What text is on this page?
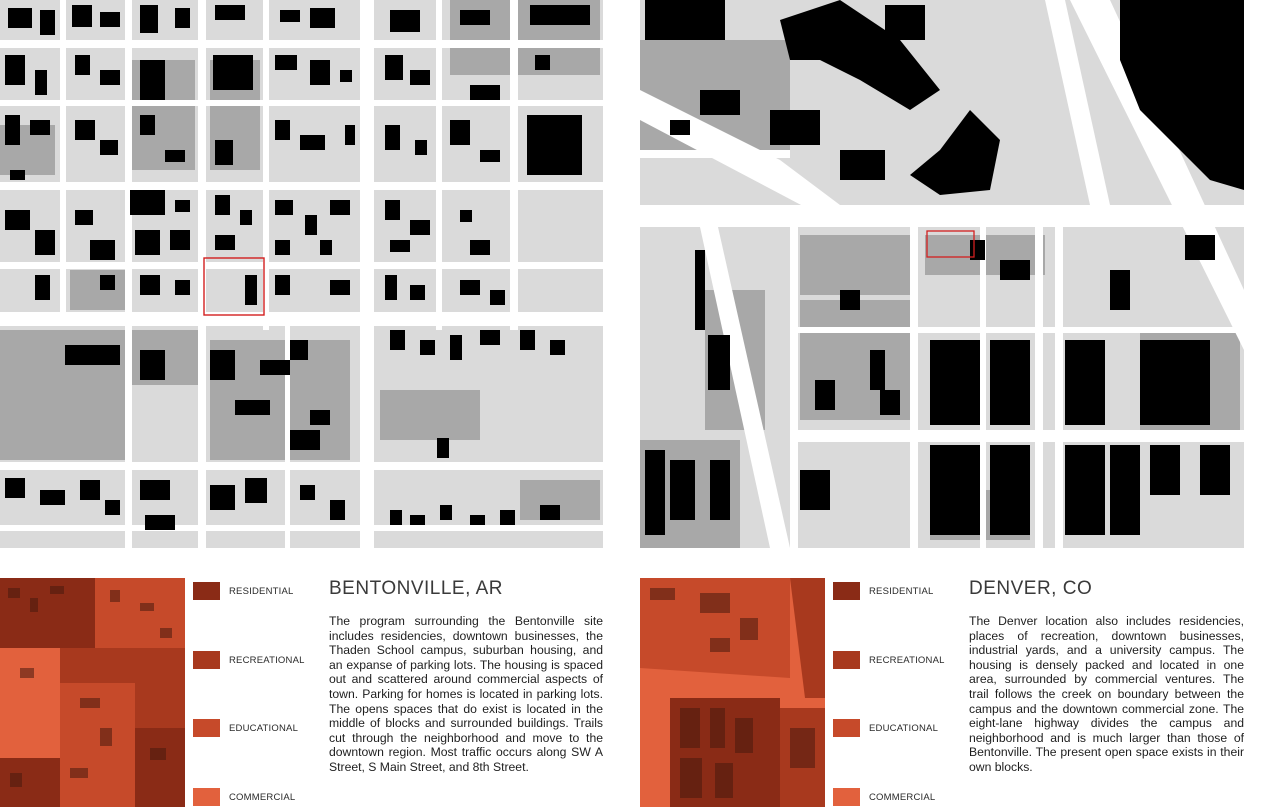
RESIDENTIAL
RECREATIONAL
EDUCATIONAL
COMMERCIAL
BENTONVILLE, AR
The program surrounding the Bentonville site includes residencies, downtown businesses, the Thaden School campus, suburban housing, and an expanse of parking lots. The housing is spaced out and scattered around commercial aspects of town. Parking for homes is located in parking lots. The opens spaces that do exist is located in the middle of blocks and surrounded buildings. Trails cut through the neighborhood and move to the downtown region. Most traffic occurs along SW A Street, S Main Street, and 8th Street.
RESIDENTIAL
RECREATIONAL
EDUCATIONAL
COMMERCIAL
DENVER, CO
The Denver location also includes residencies, places of recreation, downtown businesses, industrial yards, and a university campus. The housing is densely packed and located in one area, surrounded by commercial ventures. The trail follows the creek on boundary between the campus and the downtown commercial zone. The eight-lane highway divides the campus and neighborhood and is much larger than those of Bentonville. The present open space exists in their own blocks.
